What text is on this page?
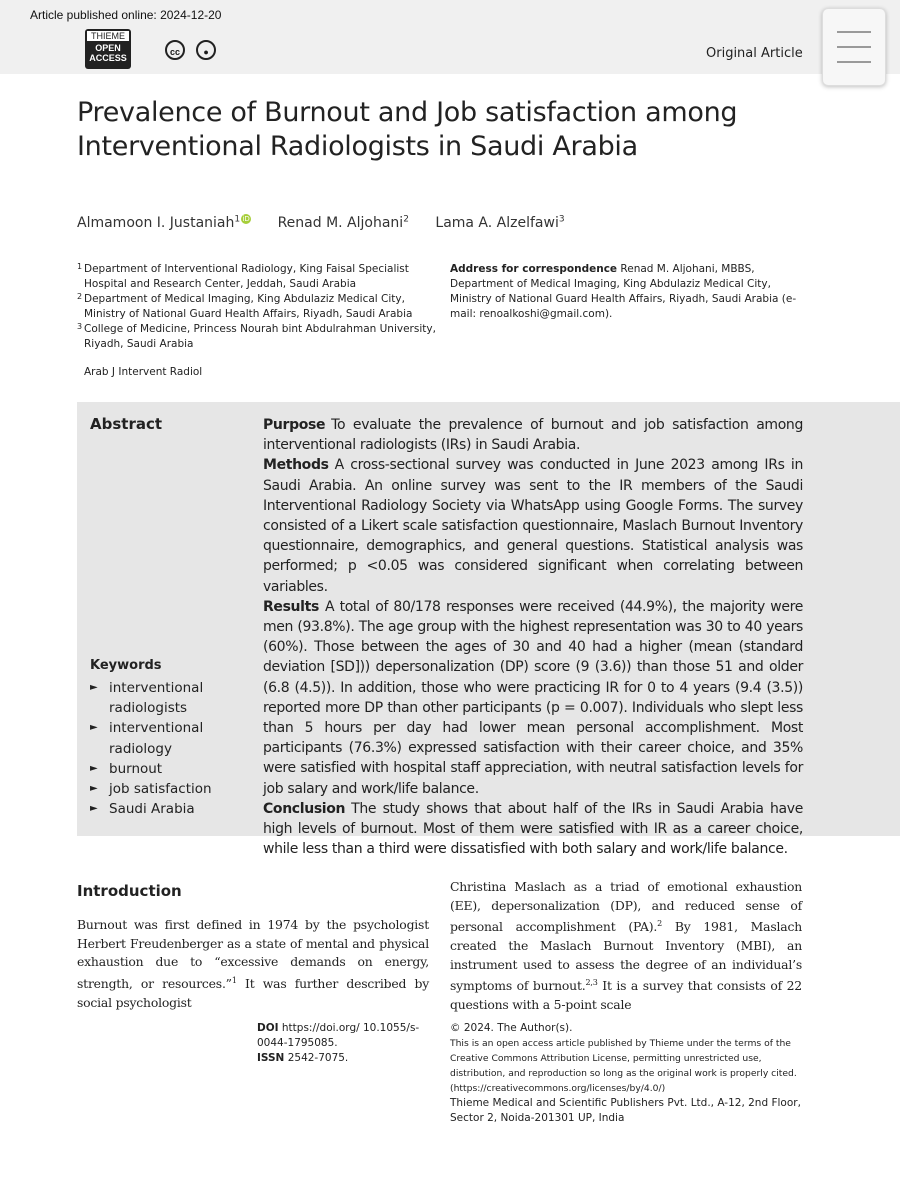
Article published online: 2024-12-20
THIEME
OPEN
ACCESS
cc	●	Original Article
Prevalence of Burnout and Job satisfaction among Interventional Radiologists in Saudi Arabia
Almamoon I. Justaniah$^1$ iD Renad M. Aljohani$^2$ Lama A. Alzelfawi$^3$
1 Department of Interventional Radiology, King Faisal Specialist Hospital and Research Center, Jeddah, Saudi Arabia
2 Department of Medical Imaging, King Abdulaziz Medical City, Ministry of National Guard Health Affairs, Riyadh, Saudi Arabia
3 College of Medicine, Princess Nourah bint Abdulrahman University, Riyadh, Saudi Arabia
Address for correspondence Renad M. Aljohani, MBBS, Department of Medical Imaging, King Abdulaziz Medical City, Ministry of National Guard Health Affairs, Riyadh, Saudi Arabia (e-mail: renoalkoshi@gmail.com).
Arab J Intervent Radiol
Abstract	Purpose To evaluate the prevalence of burnout and job satisfaction among interventional radiologists (IRs) in Saudi Arabia.

Methods A cross-sectional survey was conducted in June 2023 among IRs in Saudi Arabia. An online survey was sent to the IR members of the Saudi Interventional Radiology Society via WhatsApp using Google Forms. The survey consisted of a Likert scale satisfaction questionnaire, Maslach Burnout Inventory questionnaire, demographics, and general questions. Statistical analysis was performed; p <0.05 was considered significant when correlating between variables.

Results A total of 80/178 responses were received (44.9%), the majority were men (93.8%). The age group with the highest representation was 30 to 40 years (60%). Those between the ages of 30 and 40 had a higher (mean (standard deviation [SD])) depersonalization (DP) score (9 (3.6)) than those 51 and older (6.8 (4.5)). In addition, those who were practicing IR for 0 to 4 years (9.4 (3.5)) reported more DP than other participants (p = 0.007). Individuals who slept less than 5 hours per day had lower mean personal accomplishment. Most participants (76.3%) expressed satisfaction with their career choice, and 35% were satisfied with hospital staff appreciation, with neutral satisfaction levels for job salary and work/life balance.

Conclusion The study shows that about half of the IRs in Saudi Arabia have high levels of burnout. Most of them were satisfied with IR as a career choice, while less than a third were dissatisfied with both salary and work/life balance.

Keywords
► interventional radiologists
► interventional radiology
► burnout
► job satisfaction
► Saudi Arabia
Introduction

Burnout was first defined in 1974 by the psychologist Herbert Freudenberger as a state of mental and physical exhaustion due to “excessive demands on energy, strength, or resources.”$^1$ It was further described by social psychologist

Christina Maslach as a triad of emotional exhaustion (EE), depersonalization (DP), and reduced sense of personal accomplishment (PA).$^2$ By 1981, Maslach created the Maslach Burnout Inventory (MBI), an instrument used to assess the degree of an individual’s symptoms of burnout.$^{2,3}$ It is a survey that consists of 22 questions with a 5-point scale

DOI https://doi.org/ 10.1055/s-0044-1795085.
ISSN 2542-7075.
© 2024. The Author(s).
This is an open access article published by Thieme under the terms of the Creative Commons Attribution License, permitting unrestricted use, distribution, and reproduction so long as the original work is properly cited. (https://creativecommons.org/licenses/by/4.0/)
Thieme Medical and Scientific Publishers Pvt. Ltd., A-12, 2nd Floor, Sector 2, Noida-201301 UP, India
